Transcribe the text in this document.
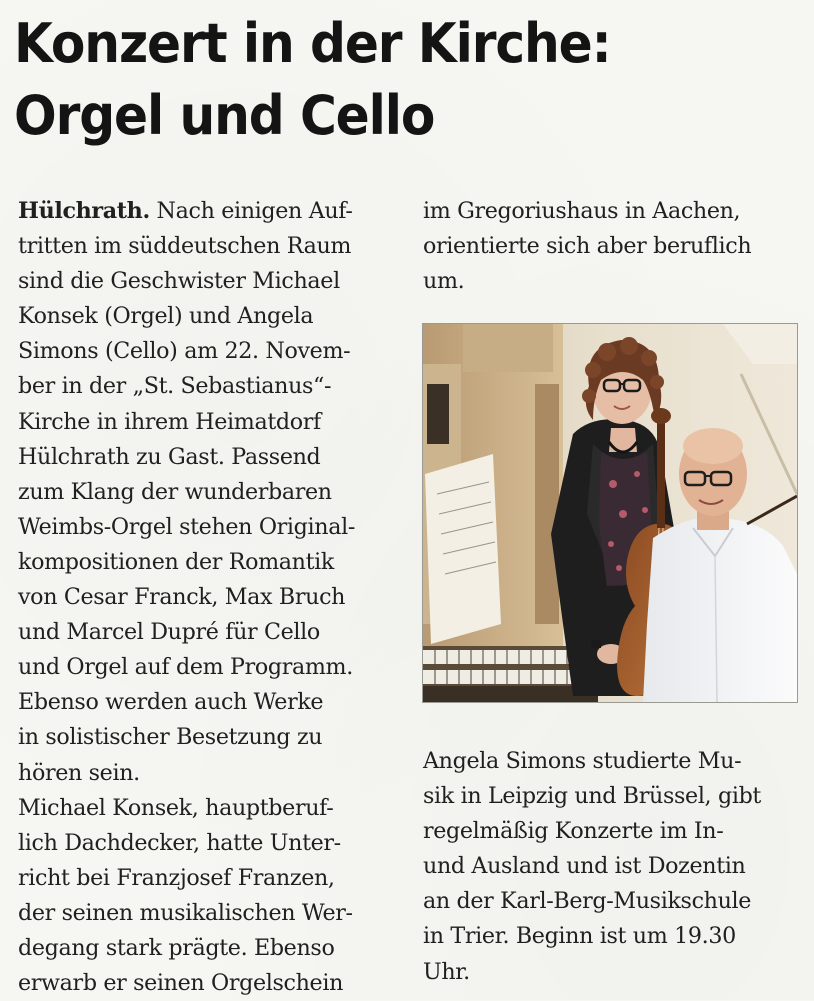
Konzert in der Kirche:
Orgel und Cello
Hülchrath. Nach einigen Auf-
tritten im süddeutschen Raum
sind die Geschwister Michael
Konsek (Orgel) und Angela
Simons (Cello) am 22. Novem-
ber in der „St. Sebastianus“-
Kirche in ihrem Heimatdorf
Hülchrath zu Gast. Passend
zum Klang der wunderbaren
Weimbs-Orgel stehen Original-
kompositionen der Romantik
von Cesar Franck, Max Bruch
und Marcel Dupré für Cello
und Orgel auf dem Programm.
Ebenso werden auch Werke
in solistischer Besetzung zu
hören sein.
Michael Konsek, hauptberuf-
lich Dachdecker, hatte Unter-
richt bei Franzjosef Franzen,
der seinen musikalischen Wer-
degang stark prägte. Ebenso
erwarb er seinen Orgelschein
im Gregoriushaus in Aachen,
orientierte sich aber beruflich
um.
Angela Simons studierte Mu-
sik in Leipzig und Brüssel, gibt
regelmäßig Konzerte im In-
und Ausland und ist Dozentin
an der Karl-Berg-Musikschule
in Trier. Beginn ist um 19.30
Uhr.
